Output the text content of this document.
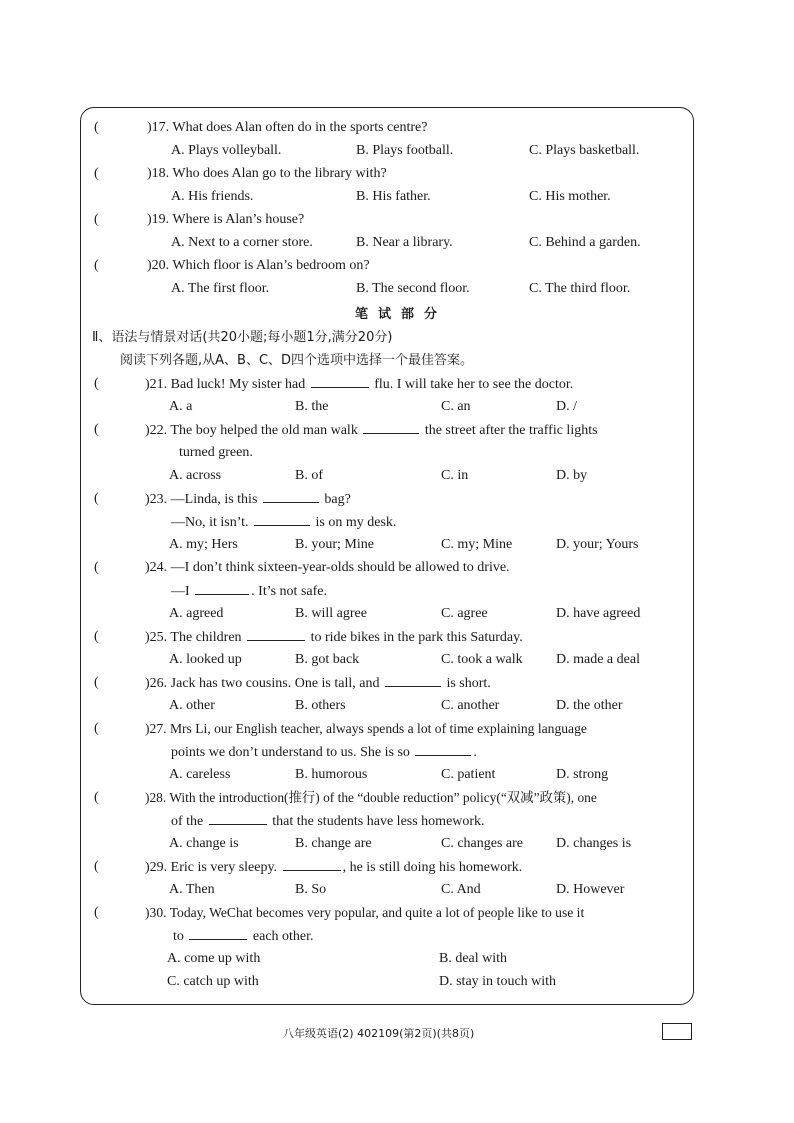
(	)17. What does Alan often do in the sports centre?
A. Plays volleyball.	B. Plays football.	C. Plays basketball.
(	)18. Who does Alan go to the library with?
A. His friends.	B. His father.	C. His mother.
(	)19. Where is Alan’s house?
A. Next to a corner store.	B. Near a library.	C. Behind a garden.
(	)20. Which floor is Alan’s bedroom on?
A. The first floor.	B. The second floor.	C. The third floor.
笔试部分
Ⅱ、语法与情景对话(共20小题;每小题1分,满分20分)
阅读下列各题,从A、B、C、D四个选项中选择一个最佳答案。
(	)21. Bad luck! My sister had	flu. I will take her to see the doctor.
A. a	B. the	C. an	D. /
(	)22. The boy helped the old man walk	the street after the traffic lights
turned green.
A. across	B. of	C. in	D. by
(	)23. —Linda, is this	bag?
—No, it isn’t.	is on my desk.
A. my; Hers	B. your; Mine	C. my; Mine	D. your; Yours
(	)24. —I don’t think sixteen-year-olds should be allowed to drive.
—I	. It’s not safe.
A. agreed	B. will agree	C. agree	D. have agreed
(	)25. The children	to ride bikes in the park this Saturday.
A. looked up	B. got back	C. took a walk D. made a deal
(	)26. Jack has two cousins. One is tall, and	is short.
A. other	B. others	C. another	D. the other
(	)27. Mrs Li, our English teacher, always spends a lot of time explaining language
points we don’t understand to us. She is so	.
A. careless	B. humorous	C. patient	D. strong
(	)28. With the introduction(推行) of the “double reduction” policy(“双减”政策), one
of the	that the students have less homework.
A. change is	B. change are	C. changes are D. changes is
(	)29. Eric is very sleepy.	, he is still doing his homework.
A. Then	B. So	C. And	D. However
(	)30. Today, WeChat becomes very popular, and quite a lot of people like to use it
to	each other.
A. come up with	B. deal with
C. catch up with	D. stay in touch with
八年级英语(2) 402109(第2页)(共8页)
